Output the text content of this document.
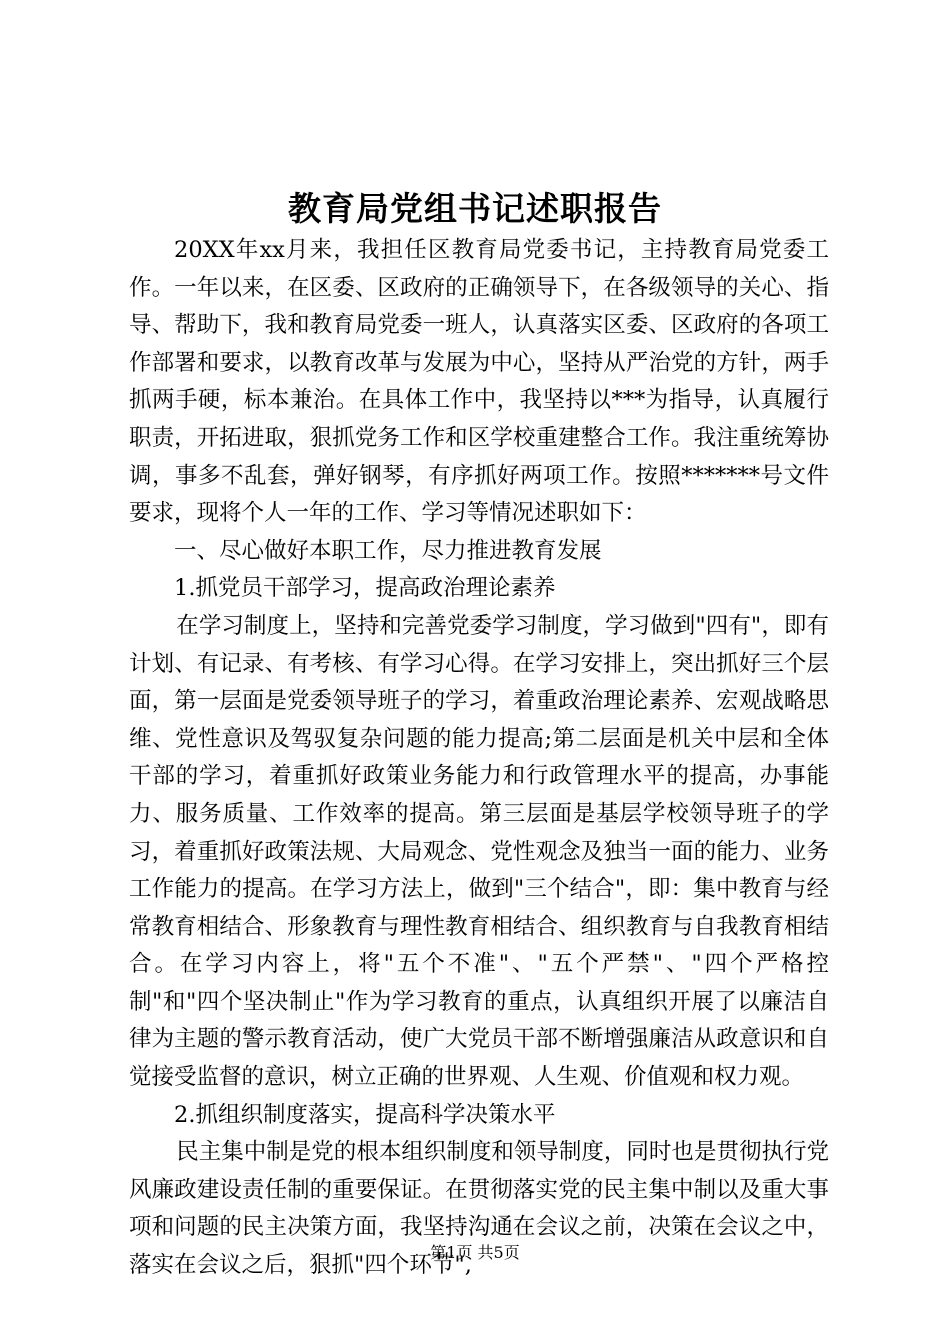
教育局党组书记述职报告

20XX年xx月来，我担任区教育局党委书记，主持教育局党委工作。一年以来，在区委、区政府的正确领导下，在各级领导的关心、指导、帮助下，我和教育局党委一班人，认真落实区委、区政府的各项工作部署和要求，以教育改革与发展为中心，坚持从严治党的方针，两手抓两手硬，标本兼治。在具体工作中，我坚持以***为指导，认真履行职责，开拓进取，狠抓党务工作和区学校重建整合工作。我注重统筹协调，事多不乱套，弹好钢琴，有序抓好两项工作。按照*******号文件要求，现将个人一年的工作、学习等情况述职如下：

一、尽心做好本职工作，尽力推进教育发展

1.抓党员干部学习，提高政治理论素养

在学习制度上，坚持和完善党委学习制度，学习做到"四有"，即有计划、有记录、有考核、有学习心得。在学习安排上，突出抓好三个层面，第一层面是党委领导班子的学习，着重政治理论素养、宏观战略思维、党性意识及驾驭复杂问题的能力提高;第二层面是机关中层和全体干部的学习，着重抓好政策业务能力和行政管理水平的提高，办事能力、服务质量、工作效率的提高。第三层面是基层学校领导班子的学习，着重抓好政策法规、大局观念、党性观念及独当一面的能力、业务工作能力的提高。在学习方法上，做到"三个结合"，即：集中教育与经常教育相结合、形象教育与理性教育相结合、组织教育与自我教育相结合。在学习内容上，将"五个不准"、"五个严禁"、"四个严格控制"和"四个坚决制止"作为学习教育的重点，认真组织开展了以廉洁自律为主题的警示教育活动，使广大党员干部不断增强廉洁从政意识和自觉接受监督的意识，树立正确的世界观、人生观、价值观和权力观。

2.抓组织制度落实，提高科学决策水平

民主集中制是党的根本组织制度和领导制度，同时也是贯彻执行党风廉政建设责任制的重要保证。在贯彻落实党的民主集中制以及重大事项和问题的民主决策方面，我坚持沟通在会议之前，决策在会议之中，落实在会议之后，狠抓"四个环节",

第1页 共5页
